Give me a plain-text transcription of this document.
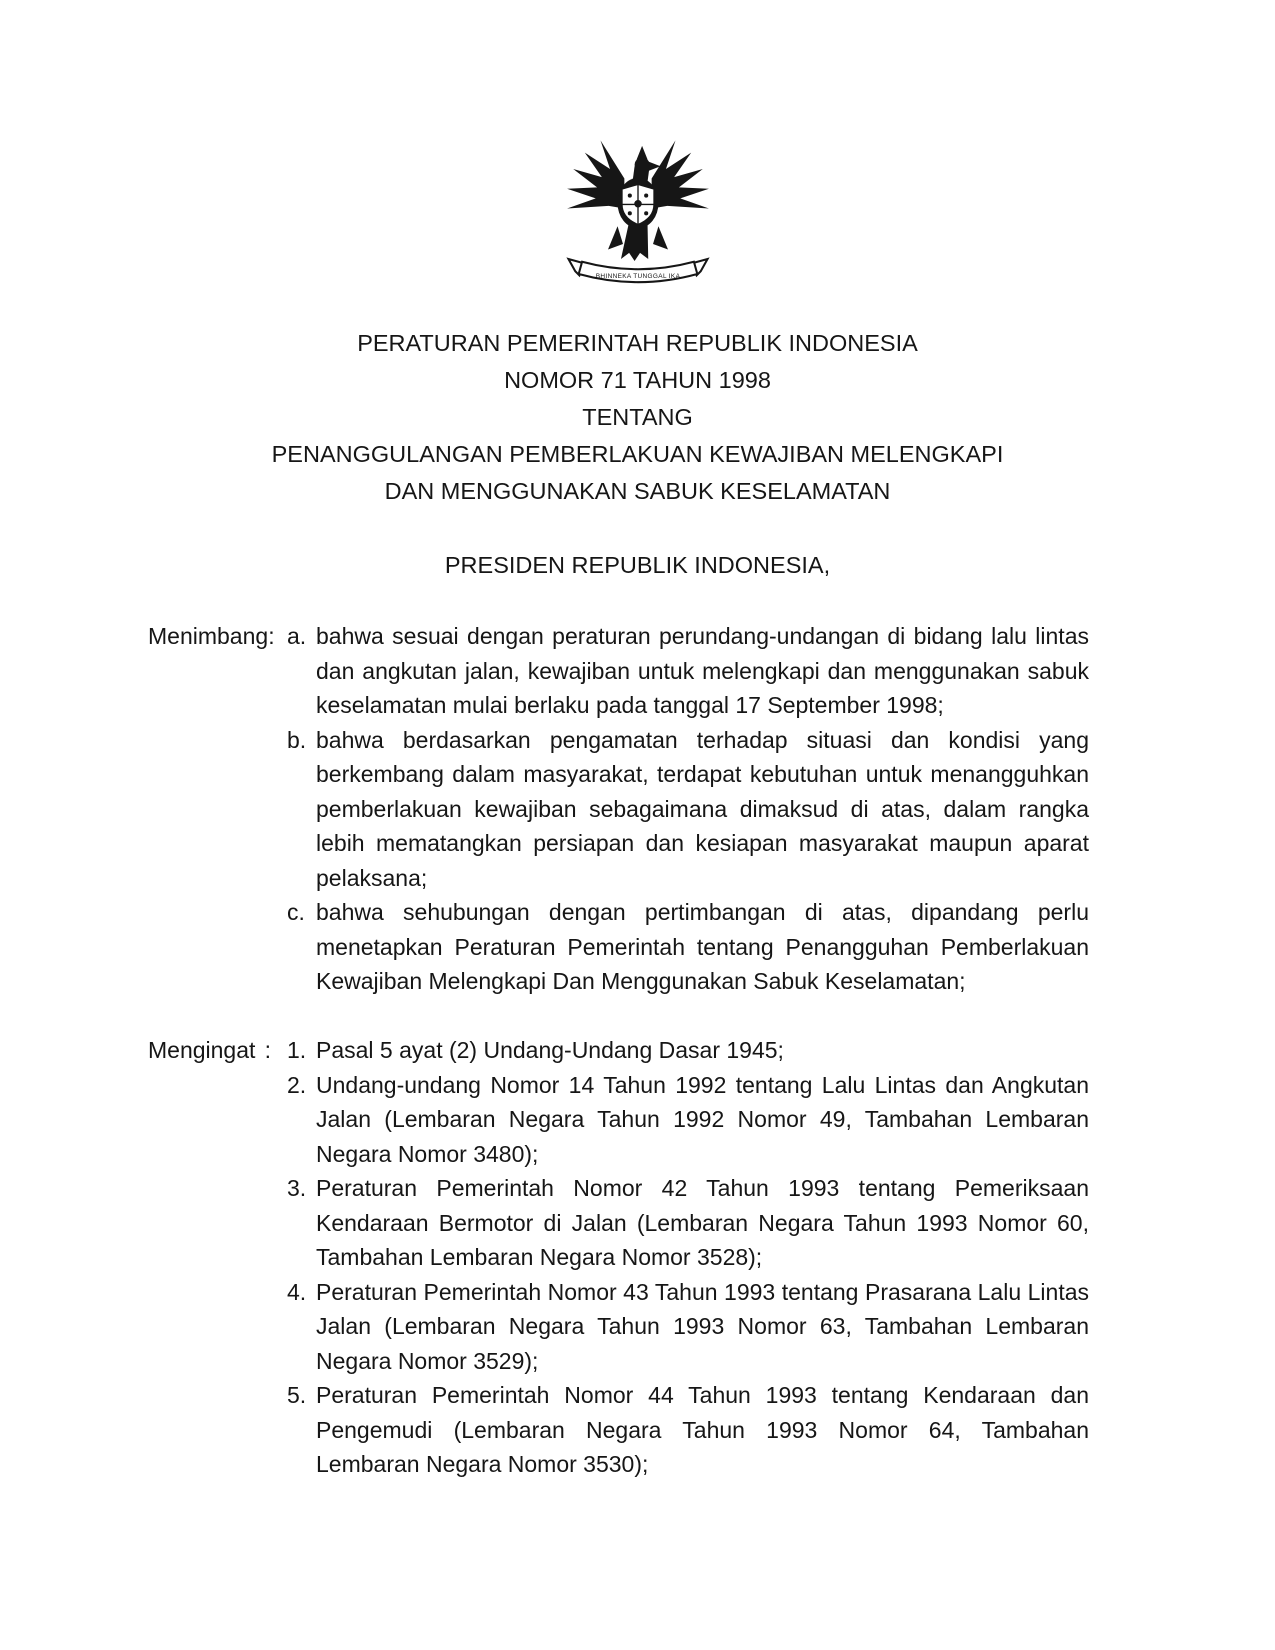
BHINNEKA TUNGGAL IKA
PERATURAN PEMERINTAH REPUBLIK INDONESIA
NOMOR 71 TAHUN 1998
TENTANG
PENANGGULANGAN PEMBERLAKUAN KEWAJIBAN MELENGKAPI
DAN MENGGUNAKAN SABUK KESELAMATAN
PRESIDEN REPUBLIK INDONESIA,
Menimbang : a. bahwa sesuai dengan peraturan perundang-undangan di bidang lalu lintas dan angkutan jalan, kewajiban untuk melengkapi dan menggunakan sabuk keselamatan mulai berlaku pada tanggal 17 September 1998;

b. bahwa berdasarkan pengamatan terhadap situasi dan kondisi yang berkembang dalam masyarakat, terdapat kebutuhan untuk menangguhkan pemberlakuan kewajiban sebagaimana dimaksud di atas, dalam rangka lebih mematangkan persiapan dan kesiapan masyarakat maupun aparat pelaksana;

c. bahwa sehubungan dengan pertimbangan di atas, dipandang perlu menetapkan Peraturan Pemerintah tentang Penangguhan Pemberlakuan Kewajiban Melengkapi Dan Menggunakan Sabuk Keselamatan;

Mengingat : 1. Pasal 5 ayat (2) Undang-Undang Dasar 1945;

2. Undang-undang Nomor 14 Tahun 1992 tentang Lalu Lintas dan Angkutan Jalan (Lembaran Negara Tahun 1992 Nomor 49, Tambahan Lembaran Negara Nomor 3480);

3. Peraturan Pemerintah Nomor 42 Tahun 1993 tentang Pemeriksaan Kendaraan Bermotor di Jalan (Lembaran Negara Tahun 1993 Nomor 60, Tambahan Lembaran Negara Nomor 3528);

4. Peraturan Pemerintah Nomor 43 Tahun 1993 tentang Prasarana Lalu Lintas Jalan (Lembaran Negara Tahun 1993 Nomor 63, Tambahan Lembaran Negara Nomor 3529);

5. Peraturan Pemerintah Nomor 44 Tahun 1993 tentang Kendaraan dan Pengemudi (Lembaran Negara Tahun 1993 Nomor 64, Tambahan Lembaran Negara Nomor 3530);
